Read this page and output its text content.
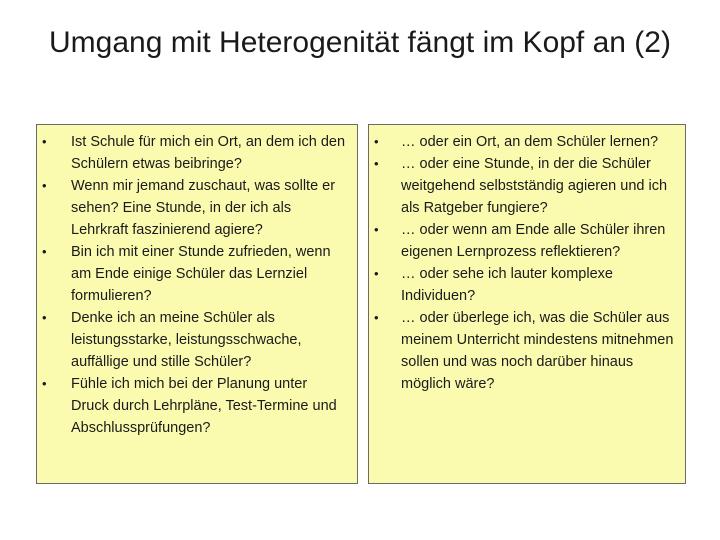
Umgang mit Heterogenität fängt im Kopf an (2)
• Ist Schule für mich ein Ort, an dem ich den Schülern etwas beibringe?
• Wenn mir jemand zuschaut, was sollte er sehen? Eine Stunde, in der ich als Lehrkraft faszinierend agiere?
• Bin ich mit einer Stunde zufrieden, wenn am Ende einige Schüler das Lernziel formulieren?
• Denke ich an meine Schüler als leistungsstarke, leistungsschwache, auffällige und stille Schüler?
• Fühle ich mich bei der Planung unter Druck durch Lehrpläne, Test-Termine und Abschlussprüfungen?
• … oder ein Ort, an dem Schüler lernen?
• … oder eine Stunde, in der die Schüler weitgehend selbstständig agieren und ich als Ratgeber fungiere?
• … oder wenn am Ende alle Schüler ihren eigenen Lernprozess reflektieren?
• … oder sehe ich lauter komplexe Individuen?
• … oder überlege ich, was die Schüler aus meinem Unterricht mindestens mitnehmen sollen und was noch darüber hinaus möglich wäre?
